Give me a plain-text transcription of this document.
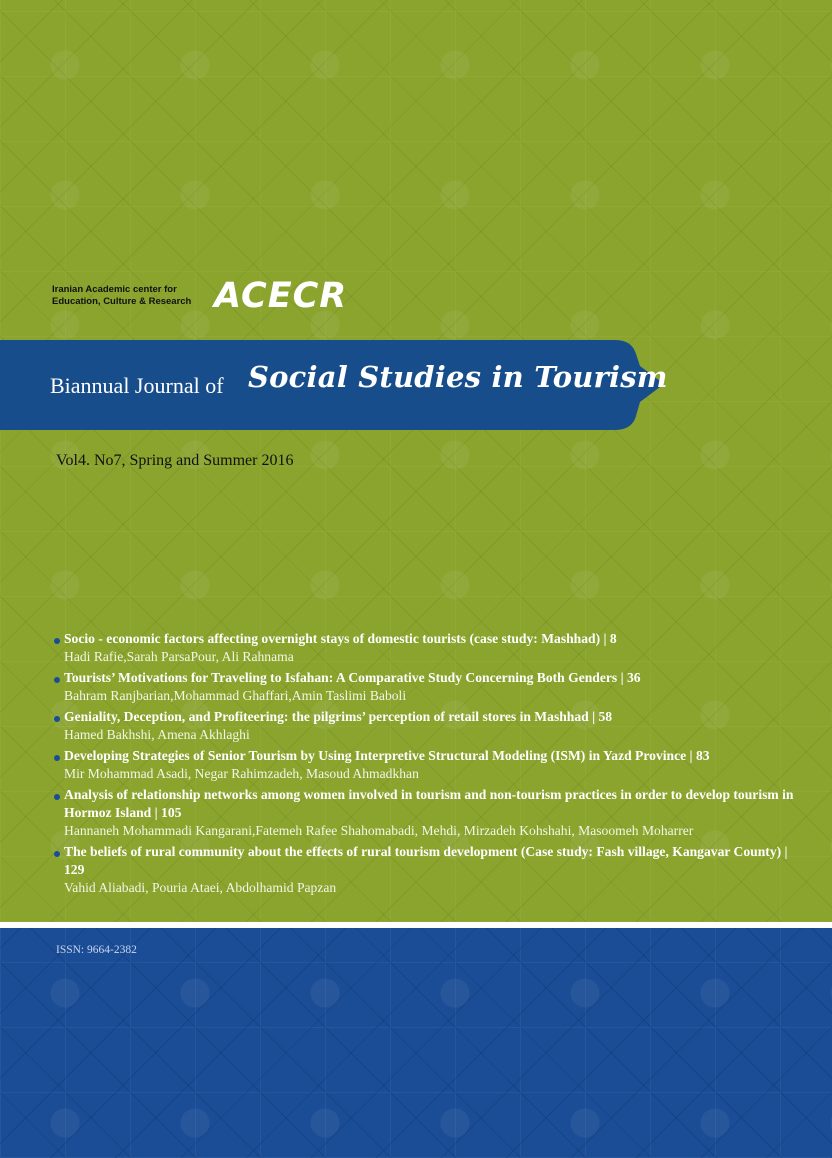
Iranian Academic center for Education, Culture & Research ACECR
Biannual Journal of Social Studies in Tourism
Vol4. No7, Spring and Summer 2016
Socio - economic factors affecting overnight stays of domestic tourists (case study: Mashhad) | 8
Hadi Rafie,Sarah ParsaPour, Ali Rahnama
Tourists’ Motivations for Traveling to Isfahan: A Comparative Study Concerning Both Genders | 36
Bahram Ranjbarian,Mohammad Ghaffari,Amin Taslimi Baboli
Geniality, Deception, and Profiteering: the pilgrims’ perception of retail stores in Mashhad | 58
Hamed Bakhshi, Amena Akhlaghi
Developing Strategies of Senior Tourism by Using Interpretive Structural Modeling (ISM) in Yazd Province | 83
Mir Mohammad Asadi, Negar Rahimzadeh, Masoud Ahmadkhan
Analysis of relationship networks among women involved in tourism and non-tourism practices in order to develop tourism in Hormoz Island | 105
Hannaneh Mohammadi Kangarani,Fatemeh Rafee Shahomabadi, Mehdi, Mirzadeh Kohshahi, Masoomeh Moharrer
The beliefs of rural community about the effects of rural tourism development (Case study: Fash village, Kangavar County) | 129
Vahid Aliabadi, Pouria Ataei, Abdolhamid Papzan
ISSN: 9664-2382
